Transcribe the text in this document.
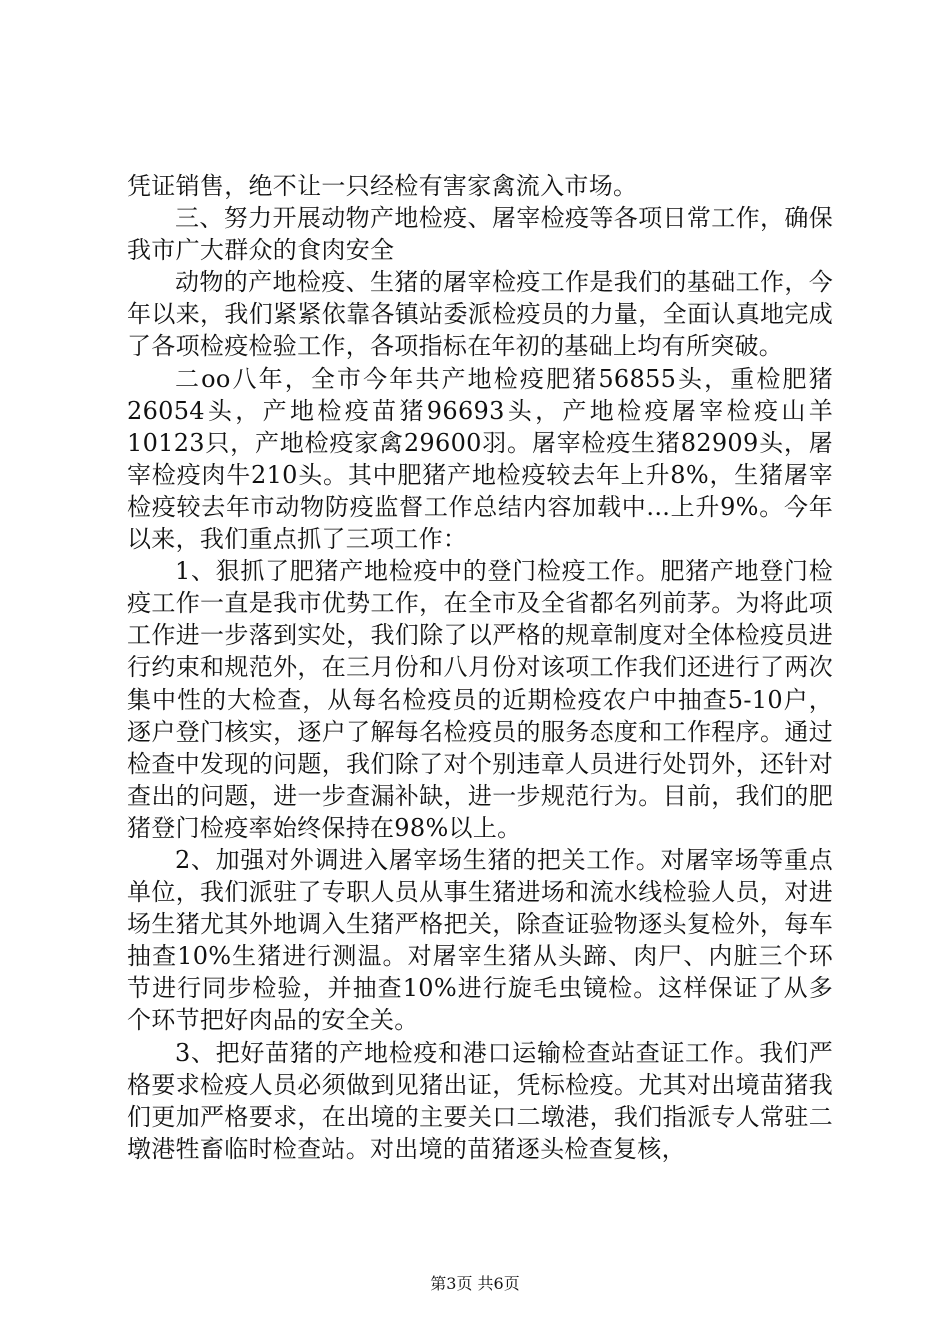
凭证销售，绝不让一只经检有害家禽流入市场。

三、努力开展动物产地检疫、屠宰检疫等各项日常工作，确保我市广大群众的食肉安全

动物的产地检疫、生猪的屠宰检疫工作是我们的基础工作，今年以来，我们紧紧依靠各镇站委派检疫员的力量，全面认真地完成了各项检疫检验工作，各项指标在年初的基础上均有所突破。

二oo八年，全市今年共产地检疫肥猪56855头，重检肥猪26054头，产地检疫苗猪96693头，产地检疫屠宰检疫山羊10123只，产地检疫家禽29600羽。屠宰检疫生猪82909头，屠宰检疫肉牛210头。其中肥猪产地检疫较去年上升8%，生猪屠宰检疫较去年市动物防疫监督工作总结内容加载中...上升9%。今年以来，我们重点抓了三项工作：

1、狠抓了肥猪产地检疫中的登门检疫工作。肥猪产地登门检疫工作一直是我市优势工作，在全市及全省都名列前茅。为将此项工作进一步落到实处，我们除了以严格的规章制度对全体检疫员进行约束和规范外，在三月份和八月份对该项工作我们还进行了两次集中性的大检查，从每名检疫员的近期检疫农户中抽查5-10户，逐户登门核实，逐户了解每名检疫员的服务态度和工作程序。通过检查中发现的问题，我们除了对个别违章人员进行处罚外，还针对查出的问题，进一步查漏补缺，进一步规范行为。目前，我们的肥猪登门检疫率始终保持在98%以上。

2、加强对外调进入屠宰场生猪的把关工作。对屠宰场等重点单位，我们派驻了专职人员从事生猪进场和流水线检验人员，对进场生猪尤其外地调入生猪严格把关，除查证验物逐头复检外，每车抽查10%生猪进行测温。对屠宰生猪从头蹄、肉尸、内脏三个环节进行同步检验，并抽查10%进行旋毛虫镜检。这样保证了从多个环节把好肉品的安全关。

3、把好苗猪的产地检疫和港口运输检查站查证工作。我们严格要求检疫人员必须做到见猪出证，凭标检疫。尤其对出境苗猪我们更加严格要求，在出境的主要关口二墩港，我们指派专人常驻二墩港牲畜临时检查站。对出境的苗猪逐头检查复核，

第3页 共6页
